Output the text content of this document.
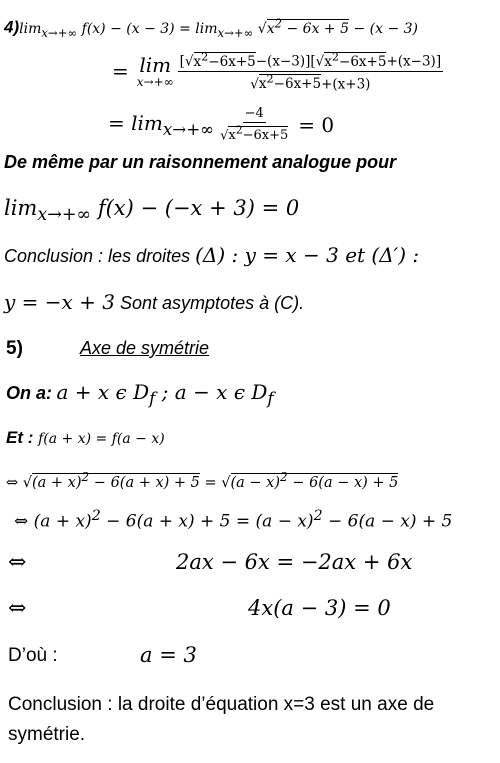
$4)\lim_{x\to+\infty}$ $f(x) - (x - 3) = \lim_{x\to+\infty} √x^2 - 6x + 5 - (x - 3)$
= lim
$x\to+\infty \frac{[√x^2-6x+5-(x-3)][√x^2-6x+5+(x-3)]}{√x^2-6x+5+(x+3)}$
= $\lim_{x\to+\infty} \frac{-4}{√x^2-6x+5} = 0$
De même par un raisonnement analogue pour
$\lim_{x\to+\infty} f(x) - (-x + 3) = 0$
Conclusion : les droites (Δ) : y = x − 3 et (Δ′) :
y = −x + 3 Sont asymptotes à (C).
5)	Axe de symétrie
On a: a + x ϵ $D_f$ ; a − x ϵ $D_f$
Et : f(a + x) = f(a − x)
⇔ $√(a + x)^2 - 6(a + x) + 5 = √(a - x)^2 - 6(a - x) + 5$
⇔ $(a + x)^2 - 6(a + x) + 5 = (a - x)^2 - 6(a - x) + 5$
⇔	2ax − 6x = −2ax + 6x
⇔	4x(a − 3) = 0
D’où :	a = 3
Conclusion : la droite d’équation x=3 est un axe de symétrie.
